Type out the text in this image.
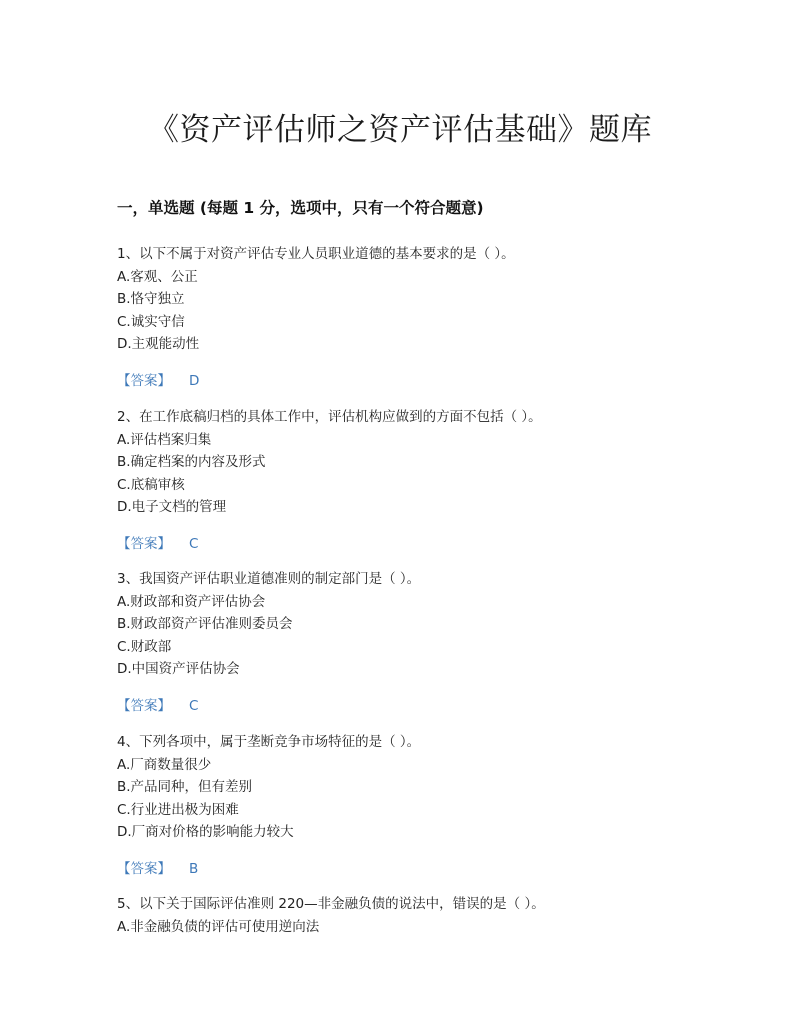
《资产评估师之资产评估基础》题库
一，单选题 (每题 1 分，选项中，只有一个符合题意)
1、以下不属于对资产评估专业人员职业道德的基本要求的是（ ）。
A.客观、公正
B.恪守独立
C.诚实守信
D.主观能动性
【答案】 D
2、在工作底稿归档的具体工作中，评估机构应做到的方面不包括（ ）。
A.评估档案归集
B.确定档案的内容及形式
C.底稿审核
D.电子文档的管理
【答案】 C
3、我国资产评估职业道德准则的制定部门是（ ）。
A.财政部和资产评估协会
B.财政部资产评估准则委员会
C.财政部
D.中国资产评估协会
【答案】 C
4、下列各项中，属于垄断竞争市场特征的是（ ）。
A.厂商数量很少
B.产品同种，但有差别
C.行业进出极为困难
D.厂商对价格的影响能力较大
【答案】 B
5、以下关于国际评估准则 220—非金融负债的说法中，错误的是（ ）。
A.非金融负债的评估可使用逆向法
